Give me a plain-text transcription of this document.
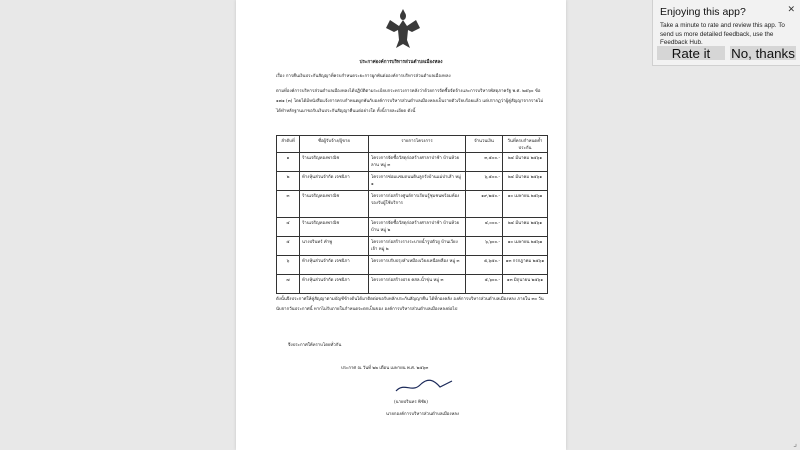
ประกาศองค์การบริหารส่วนตำบลเมืองหลง
เรื่อง การคืนเงินประกันสัญญาที่ครบกำหนดระยะการผูกพันต่อองค์การบริหารส่วนตำบลเมืองหลง
ตามที่องค์การบริหารส่วนตำบลเมืองหลงได้ปฏิบัติตามระเบียบกระทรวงการคลังว่าด้วยการจัดซื้อจัดจ้างและการบริหารพัสดุภาครัฐ พ.ศ. ๒๕๖๐ ข้อ ๑๗๑ (๓) โดยได้มีหนังสือแจ้งการครบกำหนดผูกพันกับองค์การบริหารส่วนตำบลเมืองหลงเป็นรายตัวเรียบร้อยแล้ว แต่ปรากฏว่าผู้คู่สัญญาจากรายไม่ได้ทำหลักฐานมาขอรับเงินประกันสัญญาคืนแต่อย่างใด ทั้งนี้รายละเอียด ดังนี้
ลำดับที่	ชื่อผู้รับจ้าง/ผู้ขาย	รายการโครงการ	จำนวนเงิน	วันที่ครบกำหนดค้ำประกัน
๑	ร้านเจริญทองพาณิช	โครงการจัดซื้อวัสดุก่อสร้างศาลาป่าช้า บ้านห้วยลาน หมู่ ๓	๓,๕๐๐.-	๒๔ มีนาคม ๒๕๖๑
๒	ห้างหุ้นส่วนจำกัด เจชนิกา	โครงการซ่อมแซมถนนดินลูกรังบ้านแม่ป่าเส้า หมู่ ๑	๖,๕๐๐.-	๒๔ มีนาคม ๒๕๖๑
๓	ร้านเจริญทองพาณิช	โครงการก่อสร้างศูนย์การเรียนรู้ชุมชนพร้อมห้องรองรับผู้ใช้บริการ	๑๙,๒๕๐.-	๑๐ เมษายน ๒๕๖๑
๔	ร้านเจริญทองพาณิช	โครงการจัดซื้อวัสดุก่อสร้างศาลาป่าช้า บ้านห้วยบ้าน หมู่ ๒	๔,๐๐๐.-	๒๔ มีนาคม ๒๕๖๑
๕	นางปรินทร์ คำพู	โครงการก่อสร้างรางระบายน้ำรูปตัวยู บ้านเวียงเจ้า หมู่ ๒	๖,๖๐๐.-	๑๐ เมษายน ๒๕๖๑
๖	ห้างหุ้นส่วนจำกัด เจชนิกา	โครงการปรับปรุงลำเหมืองเวียงเหนือหลือง หมู่ ๓	๕,๖๕๐.-	๑๓ กรกฎาคม ๒๕๖๑
๗	ห้างหุ้นส่วนจำกัด เจชนิกา	โครงการก่อสร้างฝาย คสล.น้ำขุ่น หมู่ ๓	๕,๖๐๐.-	๑๓ มิถุนายน ๒๕๖๑
ดังนั้นจึงประกาศให้คู่สัญญาตามบัญชีข้างต้นได้มาติดต่อขอรับหลักประกันสัญญาคืน ได้ที่กองคลัง องค์การบริหารส่วนตำบลเมืองหลง ภายใน ๓๐ วัน นับจากวันประกาศนี้ หากไม่รับภายในกำหนดจะตกเป็นของ องค์การบริหารส่วนตำบลเมืองหลงต่อไป
จึงประกาศให้ทราบโดยทั่วกัน
ประกาศ ณ วันที่ ๒๒ เดือน เมษายน พ.ศ. ๒๕๖๓
(นายปรินทร พิชัย)
นายกองค์การบริหารส่วนตำบลเมืองหลง
✕
Enjoying this app?
Take a minute to rate and review this app. To send us more detailed feedback, use the Feedback Hub.
Rate it	No, thanks
⌟
